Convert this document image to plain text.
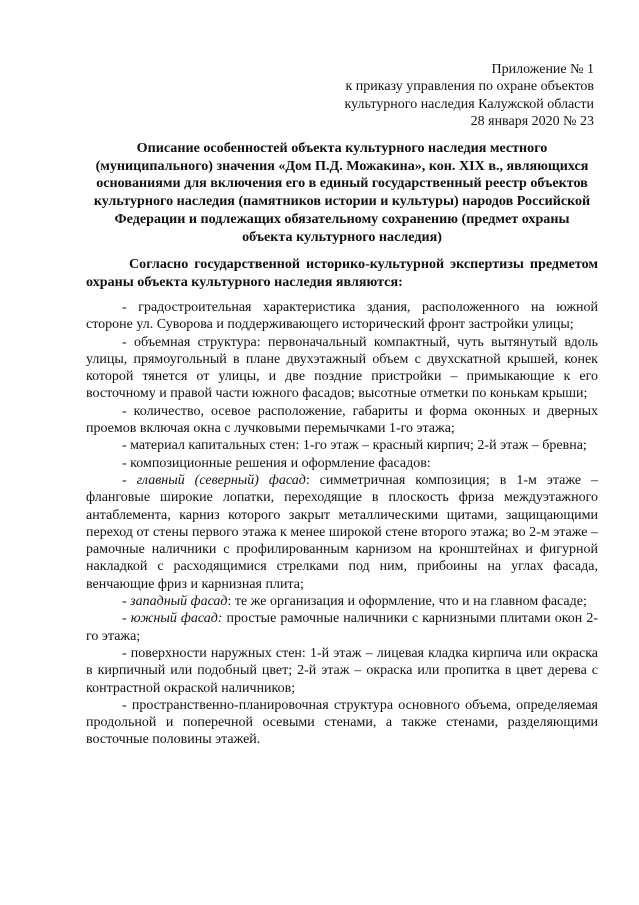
Приложение № 1
к приказу управления по охране объектов
культурного наследия Калужской области
28 января 2020 № 23
Описание особенностей объекта культурного наследия местного
(муниципального) значения «Дом П.Д. Можакина», кон. XIX в., являющихся
основаниями для включения его в единый государственный реестр объектов
культурного наследия (памятников истории и культуры) народов Российской
Федерации и подлежащих обязательному сохранению (предмет охраны
объекта культурного наследия)
Согласно государственной историко-культурной экспертизы предметом
охраны объекта культурного наследия являются:

- градостроительная характеристика здания, расположенного на южной стороне ул. Суворова и поддерживающего исторический фронт застройки улицы;

- объемная структура: первоначальный компактный, чуть вытянутый вдоль улицы, прямоугольный в плане двухэтажный объем с двухскатной крышей, конек которой тянется от улицы, и две поздние пристройки – примыкающие к его восточному и правой части южного фасадов; высотные отметки по конькам крыши;

- количество, осевое расположение, габариты и форма оконных и дверных проемов включая окна с лучковыми перемычками 1-го этажа;

- материал капитальных стен: 1-го этаж – красный кирпич; 2-й этаж – бревна;

- композиционные решения и оформление фасадов:

- главный (северный) фасад: симметричная композиция; в 1-м этаже – фланговые широкие лопатки, переходящие в плоскость фриза междуэтажного антаблемента, карниз которого закрыт металлическими щитами, защищающими переход от стены первого этажа к менее широкой стене второго этажа; во 2-м этаже – рамочные наличники с профилированным карнизом на кронштейнах и фигурной накладкой с расходящимися стрелками под ним, прибоины на углах фасада, венчающие фриз и карнизная плита;

- западный фасад: те же организация и оформление, что и на главном фасаде;

- южный фасад: простые рамочные наличники с карнизными плитами окон 2-го этажа;

- поверхности наружных стен: 1-й этаж – лицевая кладка кирпича или окраска в кирпичный или подобный цвет; 2-й этаж – окраска или пропитка в цвет дерева с контрастной окраской наличников;

- пространственно-планировочная структура основного объема, определяемая продольной и поперечной осевыми стенами, а также стенами, разделяющими восточные половины этажей.
